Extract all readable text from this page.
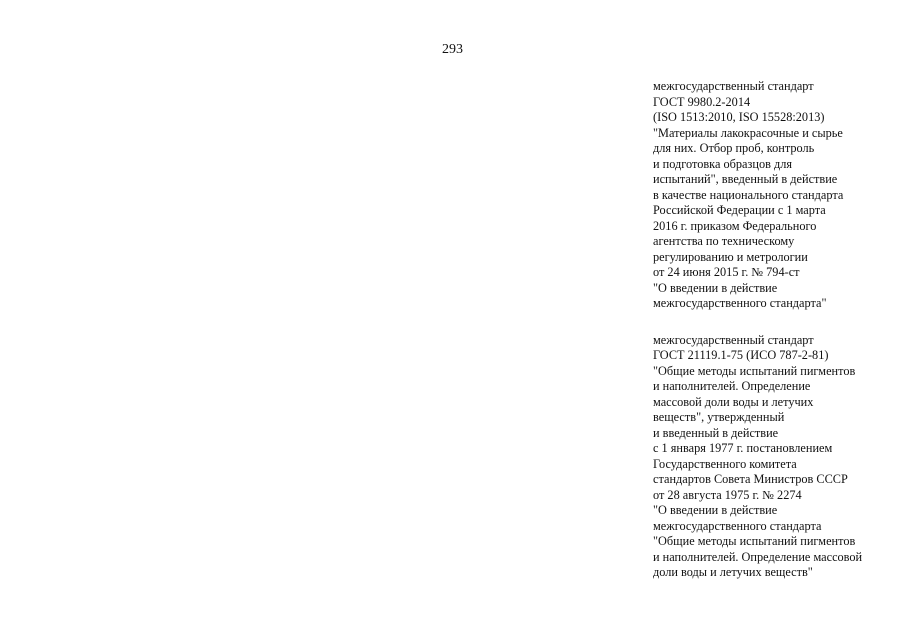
293
межгосударственный стандарт
ГОСТ 9980.2-2014
(ISO 1513:2010, ISO 15528:2013)
"Материалы лакокрасочные и сырье
для них. Отбор проб, контроль
и подготовка образцов для
испытаний", введенный в действие
в качестве национального стандарта
Российской Федерации с 1 марта
2016 г. приказом Федерального
агентства по техническому
регулированию и метрологии
от 24 июня 2015 г. № 794-ст
"О введении в действие
межгосударственного стандарта"
межгосударственный стандарт
ГОСТ 21119.1-75 (ИСО 787-2-81)
"Общие методы испытаний пигментов
и наполнителей. Определение
массовой доли воды и летучих
веществ", утвержденный
и введенный в действие
с 1 января 1977 г. постановлением
Государственного комитета
стандартов Совета Министров СССР
от 28 августа 1975 г. № 2274
"О введении в действие
межгосударственного стандарта
"Общие методы испытаний пигментов
и наполнителей. Определение массовой
доли воды и летучих веществ"
